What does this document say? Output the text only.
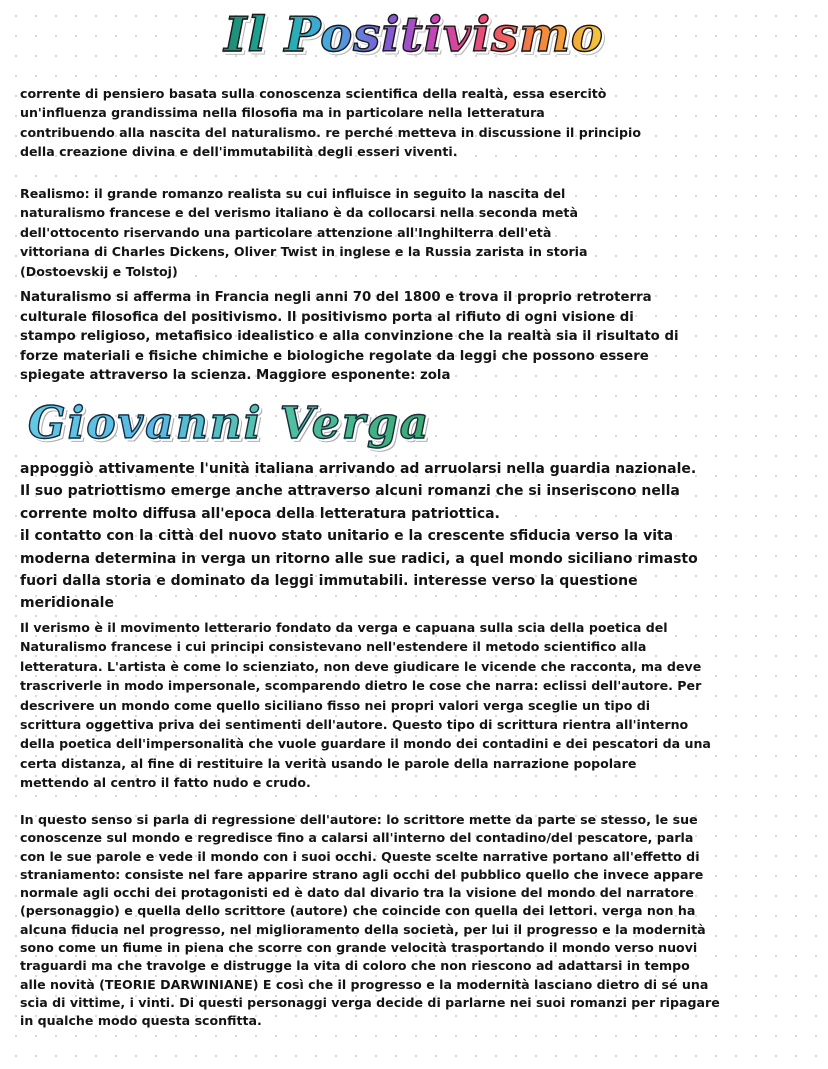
Il Positivismo

corrente di pensiero basata sulla conoscenza scientifica della realtà, essa esercitò
un'influenza grandissima nella filosofia ma in particolare nella letteratura
contribuendo alla nascita del naturalismo. re perché metteva in discussione il principio
della creazione divina e dell'immutabilità degli esseri viventi.

Realismo: il grande romanzo realista su cui influisce in seguito la nascita del
naturalismo francese e del verismo italiano è da collocarsi nella seconda metà
dell'ottocento riservando una particolare attenzione all'Inghilterra dell'età
vittoriana di Charles Dickens, Oliver Twist in inglese e la Russia zarista in storia
(Dostoevskij e Tolstoj)

Naturalismo si afferma in Francia negli anni 70 del 1800 e trova il proprio retroterra
culturale filosofica del positivismo. Il positivismo porta al rifiuto di ogni visione di
stampo religioso, metafisico idealistico e alla convinzione che la realtà sia il risultato di
forze materiali e fisiche chimiche e biologiche regolate da leggi che possono essere
spiegate attraverso la scienza. Maggiore esponente: zola

Giovanni Verga

appoggiò attivamente l'unità italiana arrivando ad arruolarsi nella guardia nazionale.
Il suo patriottismo emerge anche attraverso alcuni romanzi che si inseriscono nella
corrente molto diffusa all'epoca della letteratura patriottica.
il contatto con la città del nuovo stato unitario e la crescente sfiducia verso la vita
moderna determina in verga un ritorno alle sue radici, a quel mondo siciliano rimasto
fuori dalla storia e dominato da leggi immutabili. interesse verso la questione
meridionale

Il verismo è il movimento letterario fondato da verga e capuana sulla scia della poetica del
Naturalismo francese i cui principi consistevano nell'estendere il metodo scientifico alla
letteratura. L'artista è come lo scienziato, non deve giudicare le vicende che racconta, ma deve
trascriverle in modo impersonale, scomparendo dietro le cose che narra: eclissi dell'autore. Per
descrivere un mondo come quello siciliano fisso nei propri valori verga sceglie un tipo di
scrittura oggettiva priva dei sentimenti dell'autore. Questo tipo di scrittura rientra all'interno
della poetica dell'impersonalità che vuole guardare il mondo dei contadini e dei pescatori da una
certa distanza, al fine di restituire la verità usando le parole della narrazione popolare
mettendo al centro il fatto nudo e crudo.

In questo senso si parla di regressione dell'autore: lo scrittore mette da parte se stesso, le sue
conoscenze sul mondo e regredisce fino a calarsi all'interno del contadino/del pescatore, parla
con le sue parole e vede il mondo con i suoi occhi. Queste scelte narrative portano all'effetto di
straniamento: consiste nel fare apparire strano agli occhi del pubblico quello che invece appare
normale agli occhi dei protagonisti ed è dato dal divario tra la visione del mondo del narratore
(personaggio) e quella dello scrittore (autore) che coincide con quella dei lettori. verga non ha
alcuna fiducia nel progresso, nel miglioramento della società, per lui il progresso e la modernità
sono come un fiume in piena che scorre con grande velocità trasportando il mondo verso nuovi
traguardi ma che travolge e distrugge la vita di coloro che non riescono ad adattarsi in tempo
alle novità (TEORIE DARWINIANE) E così che il progresso e la modernità lasciano dietro di sé una
scia di vittime, i vinti. Di questi personaggi verga decide di parlarne nei suoi romanzi per ripagare
in qualche modo questa sconfitta.
